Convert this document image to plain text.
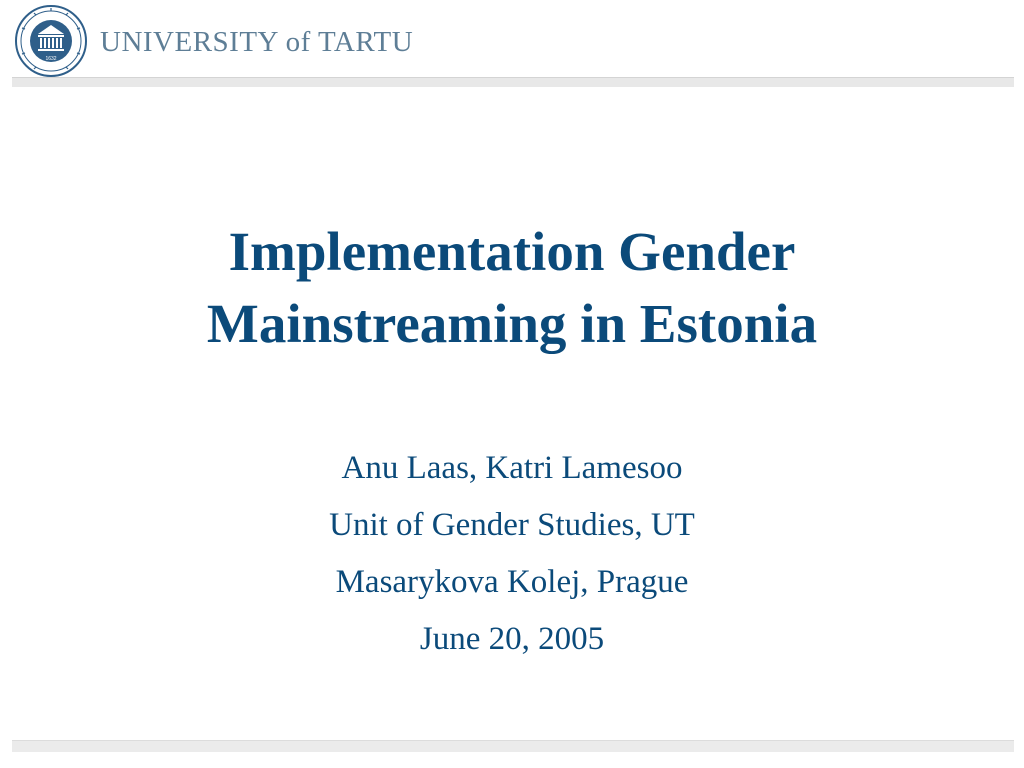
1632
UNIVERSITY of TARTU
Implementation Gender
Mainstreaming in Estonia
Anu Laas, Katri Lamesoo
Unit of Gender Studies, UT
Masarykova Kolej, Prague
June 20, 2005
